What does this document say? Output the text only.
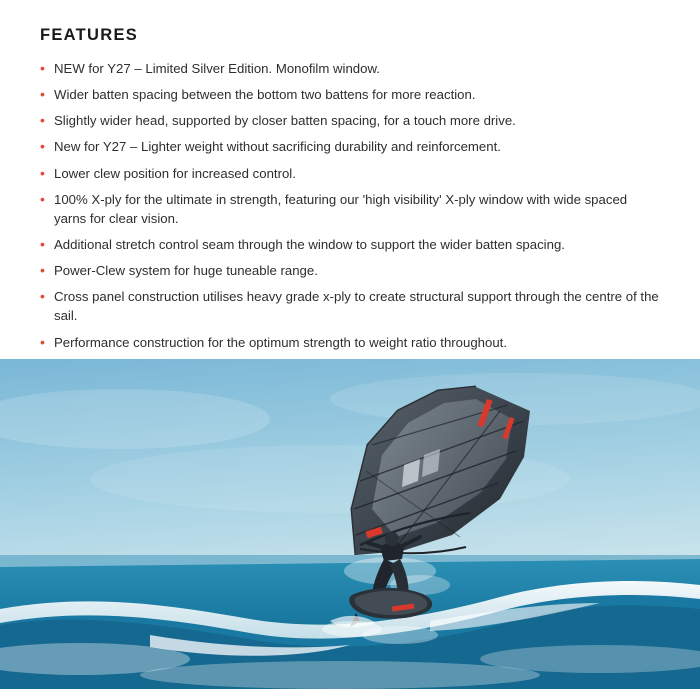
FEATURES
• NEW for Y27 – Limited Silver Edition. Monofilm window.
• Wider batten spacing between the bottom two battens for more reaction.
• Slightly wider head, supported by closer batten spacing, for a touch more drive.
• New for Y27 – Lighter weight without sacrificing durability and reinforcement.
• Lower clew position for increased control.
• 100% X-ply for the ultimate in strength, featuring our 'high visibility' X-ply window with wide spaced yarns for clear vision.
• Additional stretch control seam through the window to support the wider batten spacing.
• Power-Clew system for huge tuneable range.
• Cross panel construction utilises heavy grade x-ply to create structural support through the centre of the sail.
• Performance construction for the optimum strength to weight ratio throughout.
